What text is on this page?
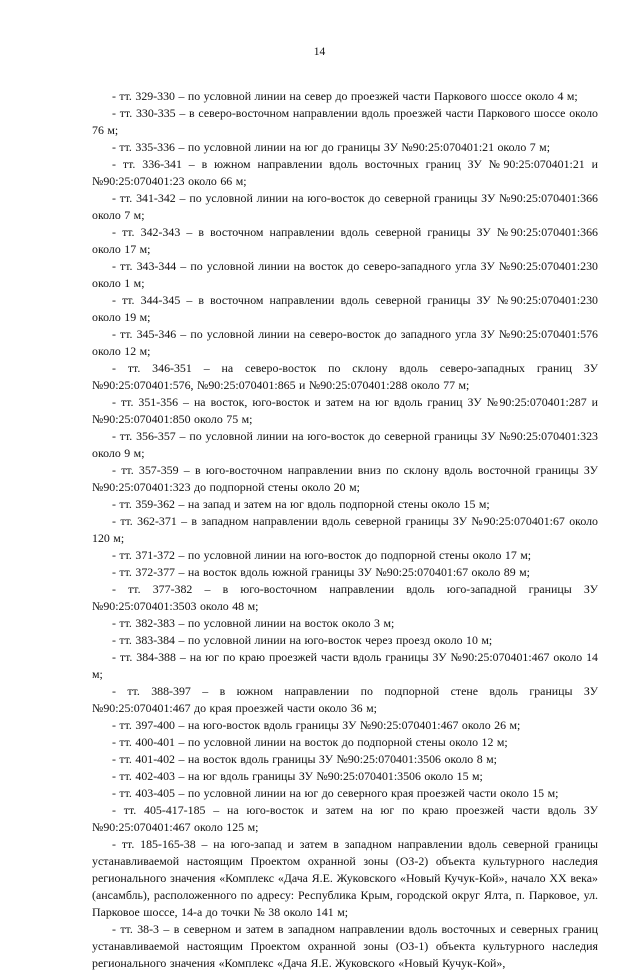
14

- тт. 329-330 – по условной линии на север до проезжей части Паркового шоссе около 4 м;

- тт. 330-335 – в северо-восточном направлении вдоль проезжей части Паркового шоссе около 76 м;

- тт. 335-336 – по условной линии на юг до границы ЗУ №90:25:070401:21 около 7 м;

- тт. 336-341 – в южном направлении вдоль восточных границ ЗУ №90:25:070401:21 и №90:25:070401:23 около 66 м;

- тт. 341-342 – по условной линии на юго-восток до северной границы ЗУ №90:25:070401:366 около 7 м;

- тт. 342-343 – в восточном направлении вдоль северной границы ЗУ №90:25:070401:366 около 17 м;

- тт. 343-344 – по условной линии на восток до северо-западного угла ЗУ №90:25:070401:230 около 1 м;

- тт. 344-345 – в восточном направлении вдоль северной границы ЗУ №90:25:070401:230 около 19 м;

- тт. 345-346 – по условной линии на северо-восток до западного угла ЗУ №90:25:070401:576 около 12 м;

- тт. 346-351 – на северо-восток по склону вдоль северо-западных границ ЗУ №90:25:070401:576, №90:25:070401:865 и №90:25:070401:288 около 77 м;

- тт. 351-356 – на восток, юго-восток и затем на юг вдоль границ ЗУ №90:25:070401:287 и №90:25:070401:850 около 75 м;

- тт. 356-357 – по условной линии на юго-восток до северной границы ЗУ №90:25:070401:323 около 9 м;

- тт. 357-359 – в юго-восточном направлении вниз по склону вдоль восточной границы ЗУ №90:25:070401:323 до подпорной стены около 20 м;

- тт. 359-362 – на запад и затем на юг вдоль подпорной стены около 15 м;

- тт. 362-371 – в западном направлении вдоль северной границы ЗУ №90:25:070401:67 около 120 м;

- тт. 371-372 – по условной линии на юго-восток до подпорной стены около 17 м;

- тт. 372-377 – на восток вдоль южной границы ЗУ №90:25:070401:67 около 89 м;

- тт. 377-382 – в юго-восточном направлении вдоль юго-западной границы ЗУ №90:25:070401:3503 около 48 м;

- тт. 382-383 – по условной линии на восток около 3 м;

- тт. 383-384 – по условной линии на юго-восток через проезд около 10 м;

- тт. 384-388 – на юг по краю проезжей части вдоль границы ЗУ №90:25:070401:467 около 14 м;

- тт. 388-397 – в южном направлении по подпорной стене вдоль границы ЗУ №90:25:070401:467 до края проезжей части около 36 м;

- тт. 397-400 – на юго-восток вдоль границы ЗУ №90:25:070401:467 около 26 м;

- тт. 400-401 – по условной линии на восток до подпорной стены около 12 м;

- тт. 401-402 – на восток вдоль границы ЗУ №90:25:070401:3506 около 8 м;

- тт. 402-403 – на юг вдоль границы ЗУ №90:25:070401:3506 около 15 м;

- тт. 403-405 – по условной линии на юг до северного края проезжей части около 15 м;

- тт. 405-417-185 – на юго-восток и затем на юг по краю проезжей части вдоль ЗУ №90:25:070401:467 около 125 м;

- тт. 185-165-38 – на юго-запад и затем в западном направлении вдоль северной границы устанавливаемой настоящим Проектом охранной зоны (ОЗ-2) объекта культурного наследия регионального значения «Комплекс «Дача Я.Е. Жуковского «Новый Кучук-Кой», начало XX века» (ансамбль), расположенного по адресу: Республика Крым, городской округ Ялта, п. Парковое, ул. Парковое шоссе, 14-а до точки № 38 около 141 м;

- тт. 38-3 – в северном и затем в западном направлении вдоль восточных и северных границ устанавливаемой настоящим Проектом охранной зоны (ОЗ-1) объекта культурного наследия регионального значения «Комплекс «Дача Я.Е. Жуковского «Новый Кучук-Кой»,
